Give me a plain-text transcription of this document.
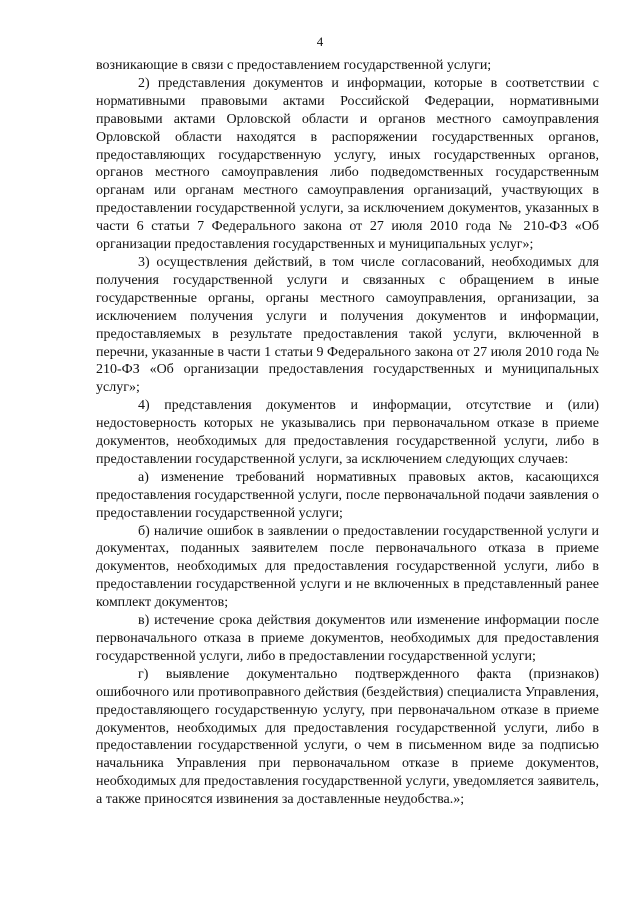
4

возникающие в связи с предоставлением государственной услуги;

2) представления документов и информации, которые в соответствии с нормативными правовыми актами Российской Федерации, нормативными правовыми актами Орловской области и органов местного самоуправления Орловской области находятся в распоряжении государственных органов, предоставляющих государственную услугу, иных государственных органов, органов местного самоуправления либо подведомственных государственным органам или органам местного самоуправления организаций, участвующих в предоставлении государственной услуги, за исключением документов, указанных в части 6 статьи 7 Федерального закона от 27 июля 2010 года № 210-ФЗ «Об организации предоставления государственных и муниципальных услуг»;

3) осуществления действий, в том числе согласований, необходимых для получения государственной услуги и связанных с обращением в иные государственные органы, органы местного самоуправления, организации, за исключением получения услуги и получения документов и информации, предоставляемых в результате предоставления такой услуги, включенной в перечни, указанные в части 1 статьи 9 Федерального закона от 27 июля 2010 года № 210-ФЗ «Об организации предоставления государственных и муниципальных услуг»;

4) представления документов и информации, отсутствие и (или) недостоверность которых не указывались при первоначальном отказе в приеме документов, необходимых для предоставления государственной услуги, либо в предоставлении государственной услуги, за исключением следующих случаев:

а) изменение требований нормативных правовых актов, касающихся предоставления государственной услуги, после первоначальной подачи заявления о предоставлении государственной услуги;

б) наличие ошибок в заявлении о предоставлении государственной услуги и документах, поданных заявителем после первоначального отказа в приеме документов, необходимых для предоставления государственной услуги, либо в предоставлении государственной услуги и не включенных в представленный ранее комплект документов;

в) истечение срока действия документов или изменение информации после первоначального отказа в приеме документов, необходимых для предоставления государственной услуги, либо в предоставлении государственной услуги;

г) выявление документально подтвержденного факта (признаков) ошибочного или противоправного действия (бездействия) специалиста Управления, предоставляющего государственную услугу, при первоначальном отказе в приеме документов, необходимых для предоставления государственной услуги, либо в предоставлении государственной услуги, о чем в письменном виде за подписью начальника Управления при первоначальном отказе в приеме документов, необходимых для предоставления государственной услуги, уведомляется заявитель, а также приносятся извинения за доставленные неудобства.»;
